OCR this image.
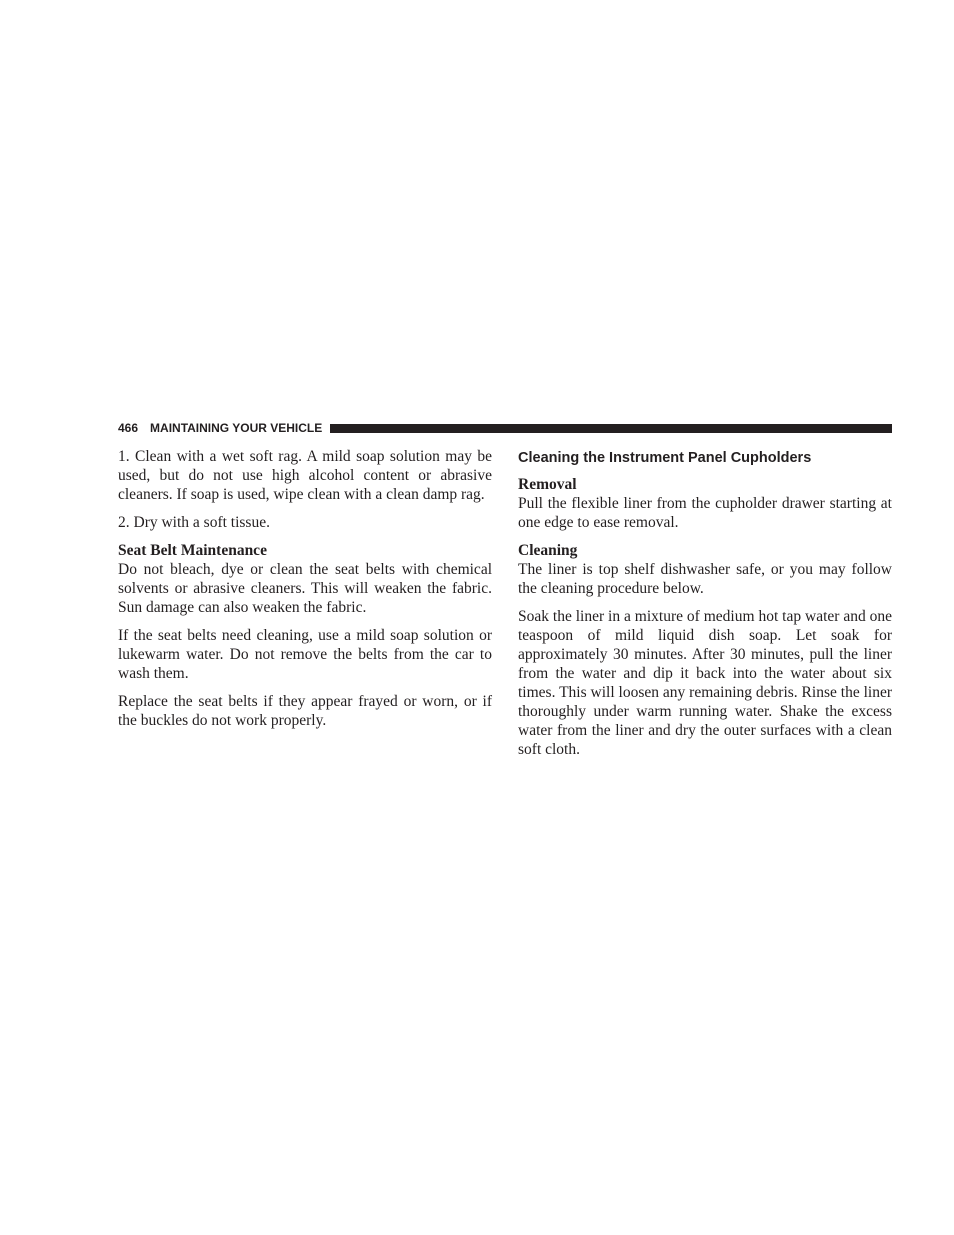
466 MAINTAINING YOUR VEHICLE

1. Clean with a wet soft rag. A mild soap solution may be used, but do not use high alcohol content or abrasive cleaners. If soap is used, wipe clean with a clean damp rag.

2. Dry with a soft tissue.

Seat Belt Maintenance

Do not bleach, dye or clean the seat belts with chemical solvents or abrasive cleaners. This will weaken the fabric. Sun damage can also weaken the fabric.

If the seat belts need cleaning, use a mild soap solution or lukewarm water. Do not remove the belts from the car to wash them.

Replace the seat belts if they appear frayed or worn, or if the buckles do not work properly.

Cleaning the Instrument Panel Cupholders
Removal

Pull the flexible liner from the cupholder drawer starting at one edge to ease removal.

Cleaning

The liner is top shelf dishwasher safe, or you may follow the cleaning procedure below.

Soak the liner in a mixture of medium hot tap water and one teaspoon of mild liquid dish soap. Let soak for approximately 30 minutes. After 30 minutes, pull the liner from the water and dip it back into the water about six times. This will loosen any remaining debris. Rinse the liner thoroughly under warm running water. Shake the excess water from the liner and dry the outer surfaces with a clean soft cloth.
